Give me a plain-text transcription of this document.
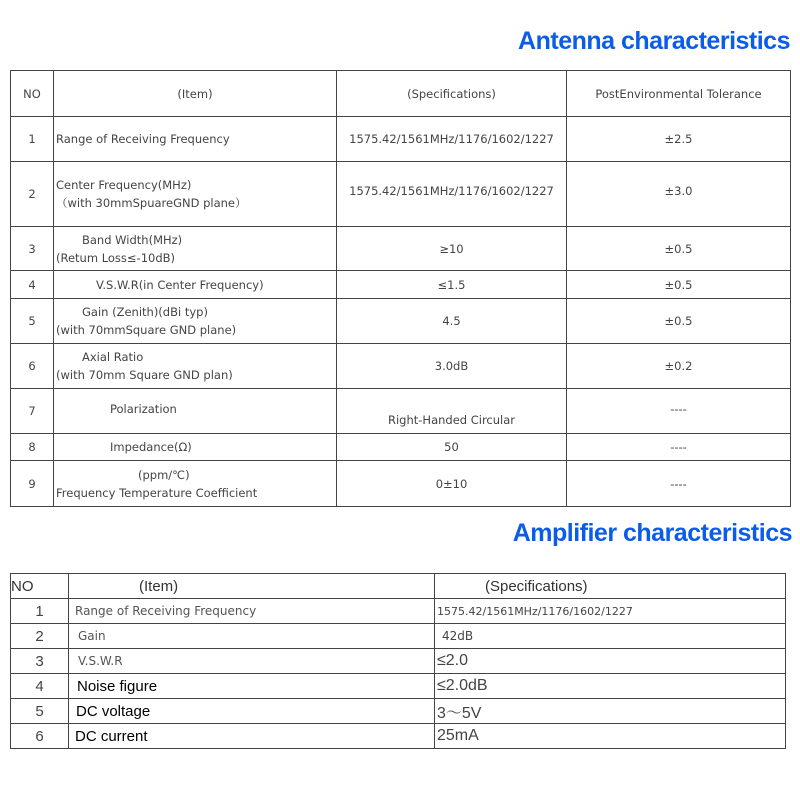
Antenna characteristics
NO	(Item)	(Specifications)	PostEnvironmental Tolerance
1	Range of Receiving Frequency	1575.42/1561MHz/1176/1602/1227	±2.5
2	Center Frequency(MHz)
（with 30mmSpuareGND plane）	1575.42/1561MHz/1176/1602/1227	±3.0
3	Band Width(MHz)
(Retum Loss≤-10dB)	≥10	±0.5
4	V.S.W.R(in Center Frequency)	≤1.5	±0.5
5	Gain (Zenith)(dBi typ)
(with 70mmSquare GND plane)	4.5	±0.5
6	Axial Ratio
(with 70mm Square GND plan)	3.0dB	±0.2
7	Polarization	Right-Handed Circular	----
8	Impedance(Ω)	50	----
9	(ppm/℃)
Frequency Temperature Coefficient	0±10	----
Amplifier characteristics
NO	(Item)	(Specifications)
1	Range of Receiving Frequency	1575.42/1561MHz/1176/1602/1227
2	Gain	42dB
3	V.S.W.R	≤2.0
4	Noise figure	≤2.0dB
5	DC voltage	3～5V
6	DC current	25mA
